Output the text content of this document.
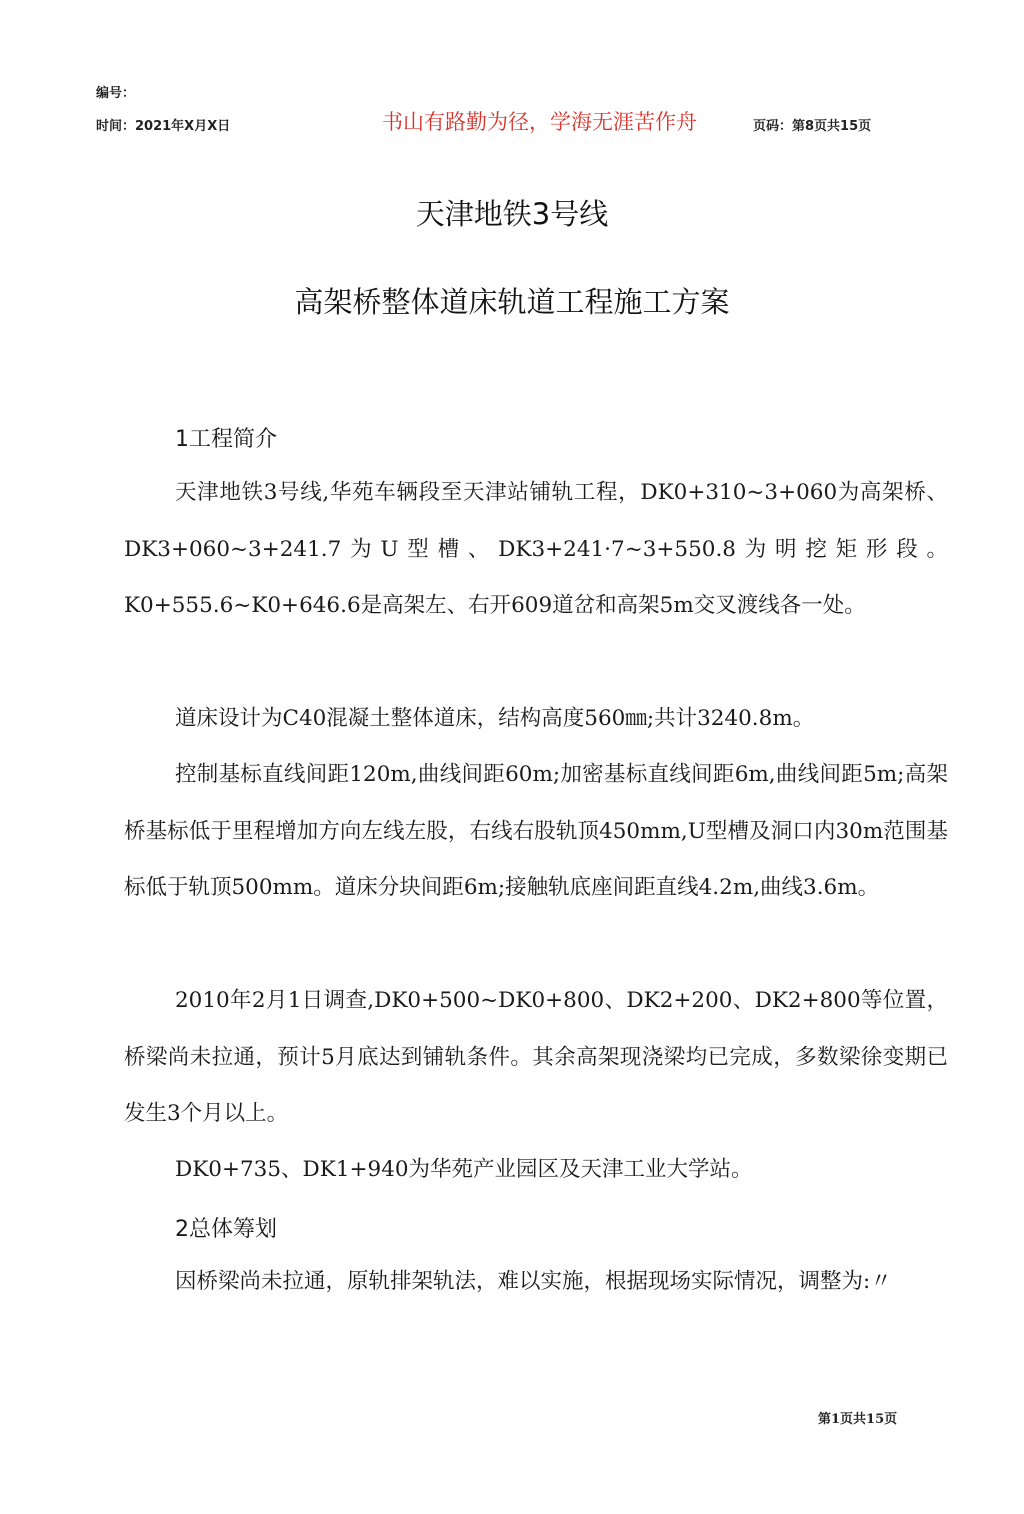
编号：
时间：2021年X月X日	书山有路勤为径，学海无涯苦作舟	页码：第8页共15页
天津地铁3号线
高架桥整体道床轨道工程施工方案
1工程简介

天津地铁3号线,华苑车辆段至天津站铺轨工程，DK0+310~3+060为高架桥、DK3+060~3+241.7为U型槽、DK3+241·7~3+550.8为明挖矩形段。K0+555.6~K0+646.6是高架左、右开609道岔和高架5m交叉渡线各一处。

道床设计为C40混凝土整体道床，结构高度560㎜;共计3240.8m。

控制基标直线间距120m,曲线间距60m;加密基标直线间距6m,曲线间距5m;高架桥基标低于里程增加方向左线左股，右线右股轨顶450mm,U型槽及洞口内30m范围基标低于轨顶500mm。道床分块间距6m;接触轨底座间距直线4.2m,曲线3.6m。

2010年2月1日调查,DK0+500~DK0+800、DK2+200、DK2+800等位置，桥梁尚未拉通，预计5月底达到铺轨条件。其余高架现浇梁均已完成，多数梁徐变期已发生3个月以上。

DK0+735、DK1+940为华苑产业园区及天津工业大学站。

2总体筹划

因桥梁尚未拉通，原轨排架轨法，难以实施，根据现场实际情况，调整为:〃

第1页共15页
